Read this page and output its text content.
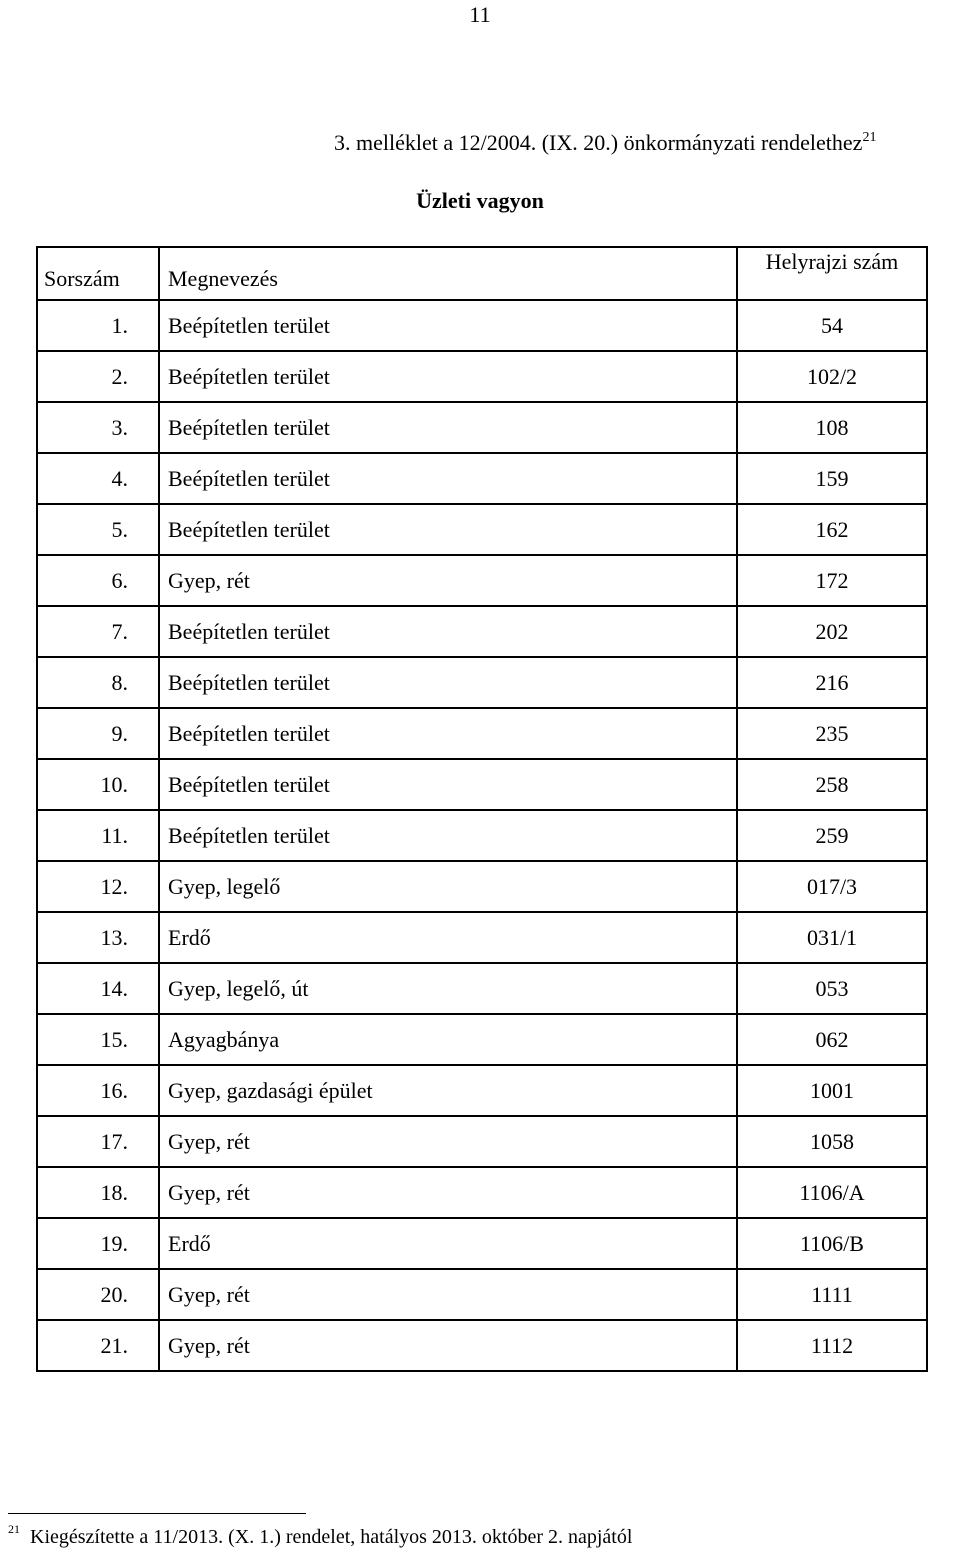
11
3. melléklet a 12/2004. (IX. 20.) önkormányzati rendelethez$^{21}$
Üzleti vagyon
Sorszám	Megnevezés	Helyrajzi szám
1.	Beépítetlen terület	54
2.	Beépítetlen terület	102/2
3.	Beépítetlen terület	108
4.	Beépítetlen terület	159
5.	Beépítetlen terület	162
6.	Gyep, rét	172
7.	Beépítetlen terület	202
8.	Beépítetlen terület	216
9.	Beépítetlen terület	235
10.	Beépítetlen terület	258
11.	Beépítetlen terület	259
12.	Gyep, legelő	017/3
13.	Erdő	031/1
14.	Gyep, legelő, út	053
15.	Agyagbánya	062
16.	Gyep, gazdasági épület	1001
17.	Gyep, rét	1058
18.	Gyep, rét	1106/A
19.	Erdő	1106/B
20.	Gyep, rét	1111
21.	Gyep, rét	1112
$^{21}$ Kiegészítette a 11/2013. (X. 1.) rendelet, hatályos 2013. október 2. napjától
